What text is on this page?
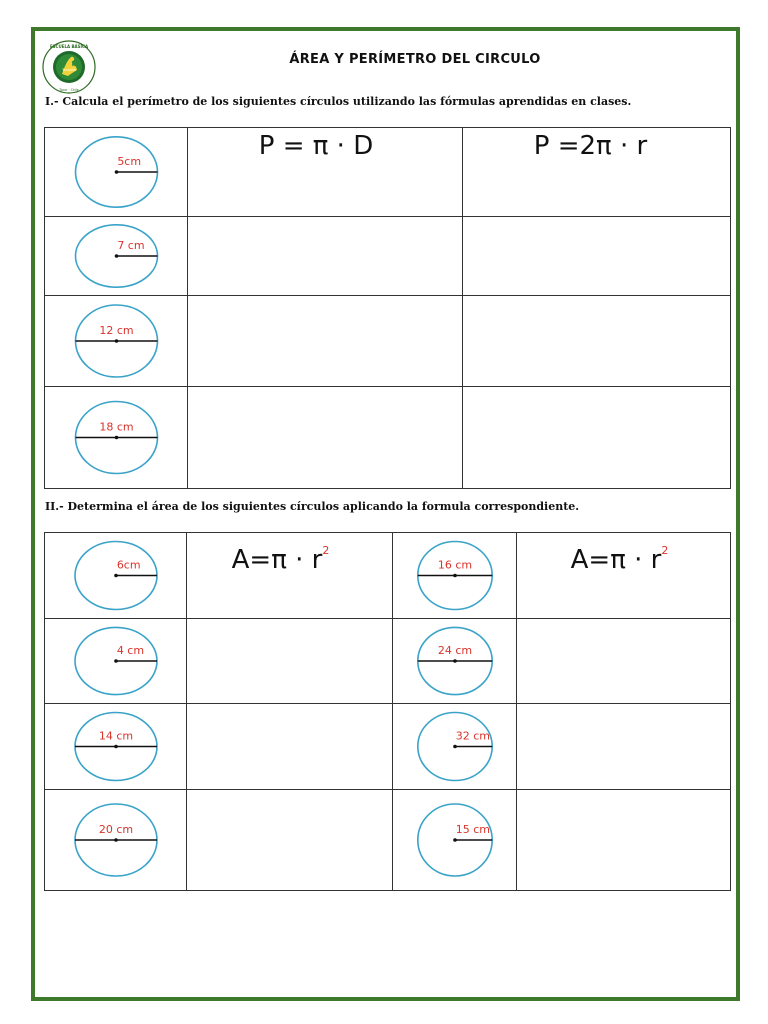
ESCUELA BÁSICA
Tocopilla
Tocor · Chile
ÁREA Y PERÍMETRO DEL CIRCULO
I.- Calcula el perímetro de los siguientes círculos utilizando las fórmulas aprendidas en clases.
5cm	P = π · D	P =2π · r

7 cm		

12 cm		

18 cm		

II.- Determina el área de los siguientes círculos aplicando la formula correspondiente.
6cm	$A=\pi \cdot r^2$	16 cm	$A=\pi \cdot r^2$

4 cm		24 cm	

14 cm		32 cm	

20 cm		15 cm	
